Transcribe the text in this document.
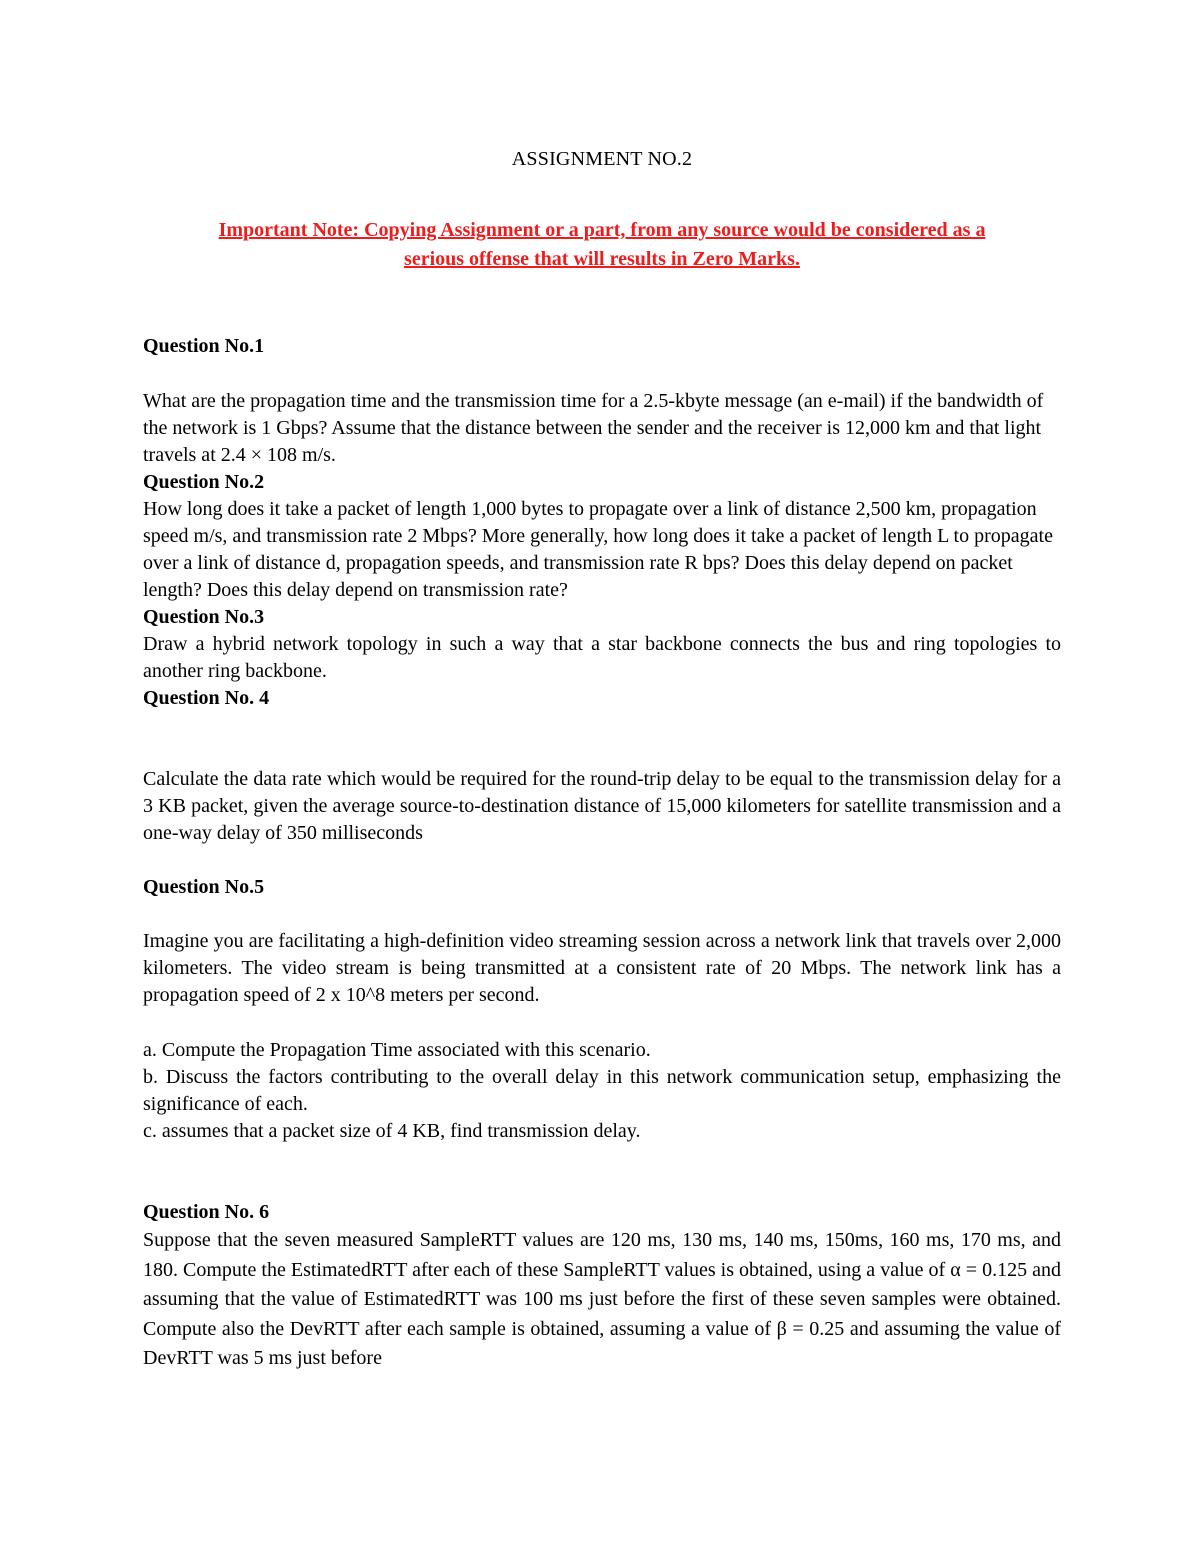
ASSIGNMENT NO.2

Important Note: Copying Assignment or a part, from any source would be considered as a

serious offense that will results in Zero Marks.

Question No.1

What are the propagation time and the transmission time for a 2.5-kbyte message (an e-mail) if the bandwidth of the network is 1 Gbps? Assume that the distance between the sender and the receiver is 12,000 km and that light travels at 2.4 × 108 m/s.

Question No.2

How long does it take a packet of length 1,000 bytes to propagate over a link of distance 2,500 km, propagation speed m/s, and transmission rate 2 Mbps? More generally, how long does it take a packet of length L to propagate over a link of distance d, propagation speeds, and transmission rate R bps? Does this delay depend on packet length? Does this delay depend on transmission rate?

Question No.3

Draw a hybrid network topology in such a way that a star backbone connects the bus and ring topologies to another ring backbone.

Question No. 4

Calculate the data rate which would be required for the round-trip delay to be equal to the transmission delay for a 3 KB packet, given the average source-to-destination distance of 15,000 kilometers for satellite transmission and a one-way delay of 350 milliseconds

Question No.5

Imagine you are facilitating a high-definition video streaming session across a network link that travels over 2,000 kilometers. The video stream is being transmitted at a consistent rate of 20 Mbps. The network link has a propagation speed of 2 x 10^8 meters per second.

a. Compute the Propagation Time associated with this scenario.

b. Discuss the factors contributing to the overall delay in this network communication setup, emphasizing the significance of each.

c. assumes that a packet size of 4 KB, find transmission delay.

Question No. 6

Suppose that the seven measured SampleRTT values are 120 ms, 130 ms, 140 ms, 150ms, 160 ms, 170 ms, and 180. Compute the EstimatedRTT after each of these SampleRTT values is obtained, using a value of α = 0.125 and assuming that the value of EstimatedRTT was 100 ms just before the first of these seven samples were obtained. Compute also the DevRTT after each sample is obtained, assuming a value of β = 0.25 and assuming the value of DevRTT was 5 ms just before
